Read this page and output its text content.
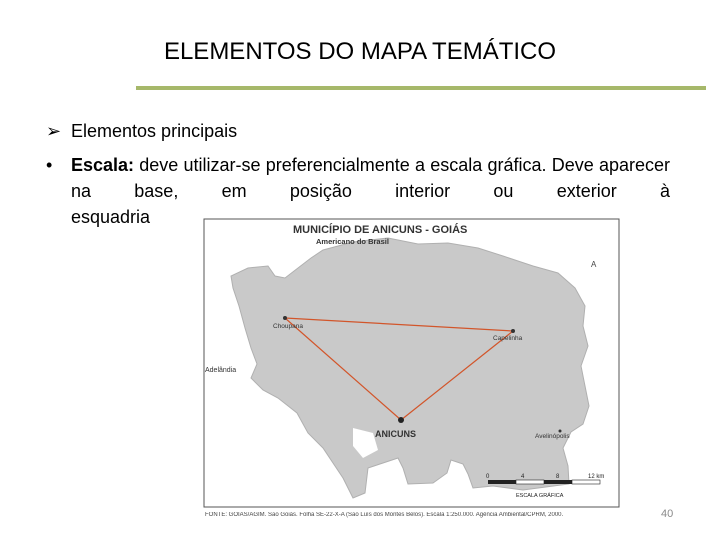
ELEMENTOS DO MAPA TEMÁTICO
➢ Elementos principais
• Escala: deve utilizar-se preferencialmente a escala gráfica. Deve aparecer na base, em posição interior ou exterior à
esquadria
MUNICÍPIO DE ANICUNS - GOIÁS
Americano do Brasil
A
Choupana
Capelinha
Adelândia
ANICUNS	Avelinópolis
0	4	8	12 km
ESCALA GRÁFICA
FONTE: GOIÁS/AGIM. São Goiás. Folha SE-22-X-A (São Luís dos Montes Belos). Escala 1:250.000. Agência Ambiental/CPRM, 2000.	40
